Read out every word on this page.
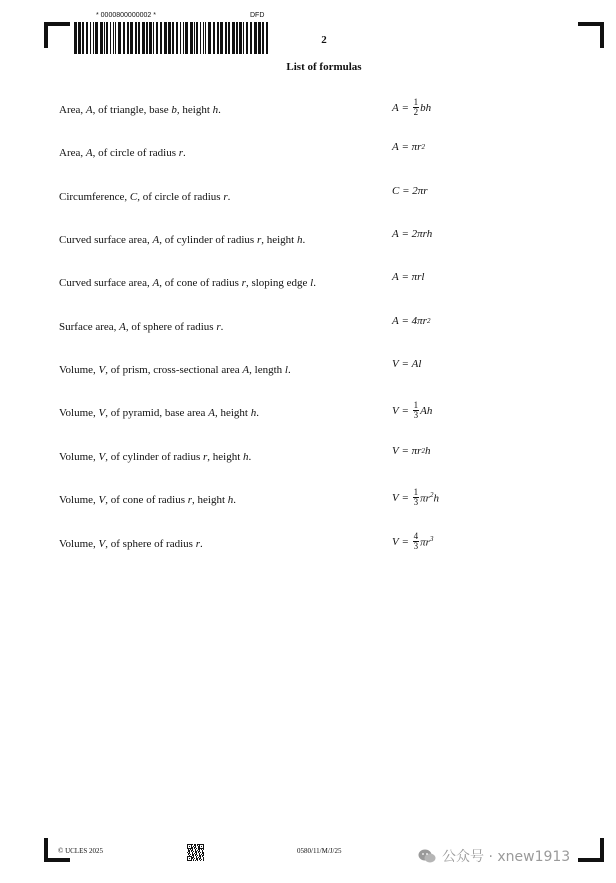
* 0000800000002 *	DFD
2
List of formulas
Area, A, of triangle, base b, height h.	$A = \frac{1}{2}$ bh
Area, A, of circle of radius r.	A = πr 2
Circumference, C, of circle of radius r.	C = 2πr
Curved surface area, A, of cylinder of radius r, height h.	A = 2πrh
Curved surface area, A, of cone of radius r, sloping edge l.	A = πrl
Surface area, A, of sphere of radius r.	A = 4πr 2
Volume, V, of prism, cross-sectional area A, length l.	V = Al
Volume, V, of pyramid, base area A, height h.	$V = \frac{1}{3}$ Ah
Volume, V, of cylinder of radius r, height h.	V = πr 2 h
Volume, V, of cone of radius r, height h.	$V = \frac{1}{3} \pi r^2h$
Volume, V, of sphere of radius r.	$V = \frac{4}{3} \pi r^3$
© UCLES 2025	0580/11/M/J/25	公众号 · xnew1913
